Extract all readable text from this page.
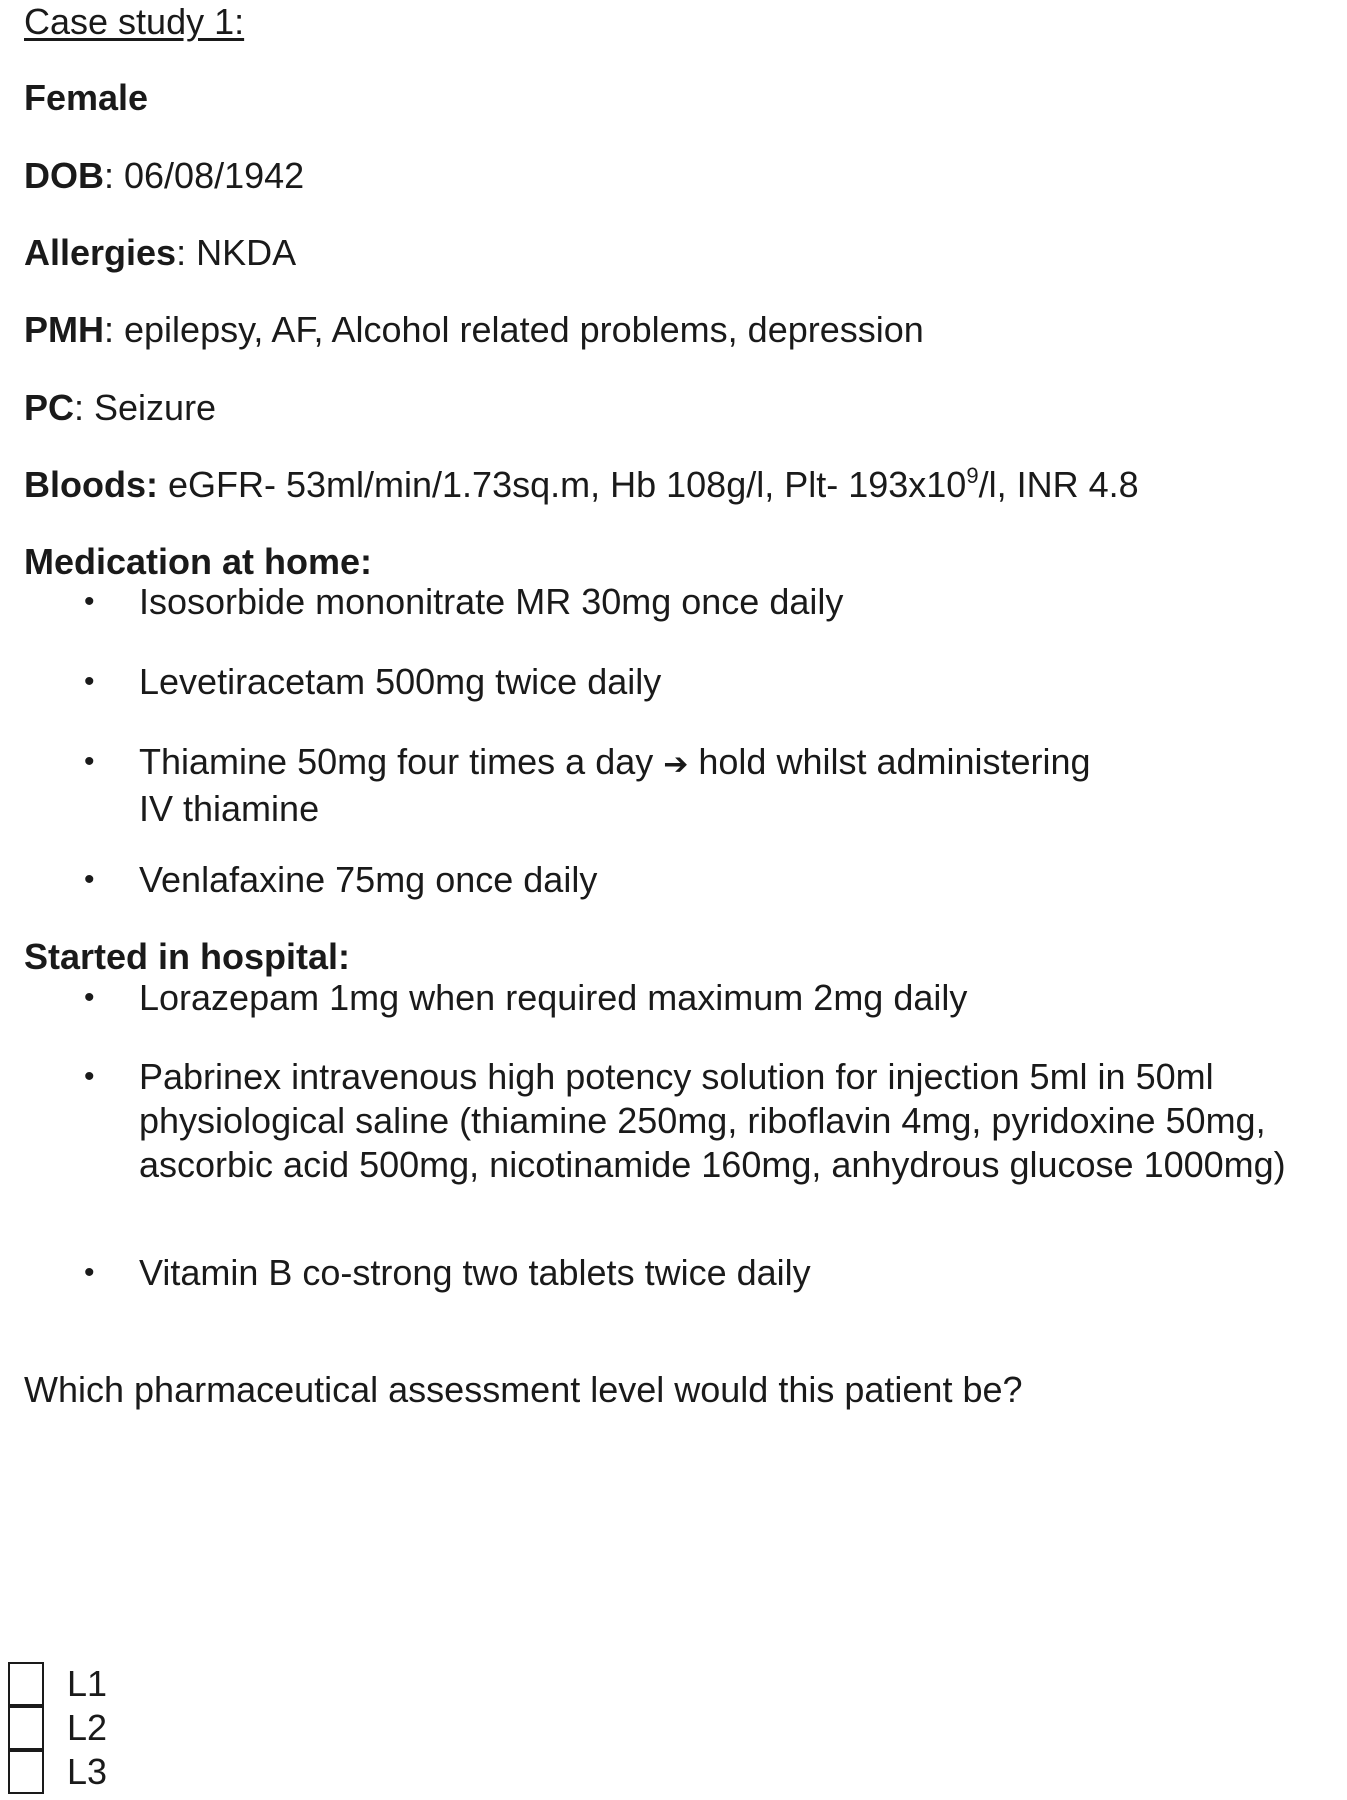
Case study 1:
Female
DOB: 06/08/1942
Allergies: NKDA
PMH: epilepsy, AF, Alcohol related problems, depression
PC: Seizure
Bloods: eGFR- 53ml/min/1.73sq.m, Hb 108g/l, Plt- $193x10^9/l$, INR 4.8
Medication at home:
• Isosorbide mononitrate MR 30mg once daily
• Levetiracetam 500mg twice daily
• Thiamine 50mg four times a day ➔ hold whilst administering IV thiamine
• Venlafaxine 75mg once daily
Started in hospital:
• Lorazepam 1mg when required maximum 2mg daily
• Pabrinex intravenous high potency solution for injection 5ml in 50ml physiological saline (thiamine 250mg, riboflavin 4mg, pyridoxine 50mg, ascorbic acid 500mg, nicotinamide 160mg, anhydrous glucose 1000mg)
• Vitamin B co-strong two tablets twice daily
Which pharmaceutical assessment level would this patient be?
L1
L2
L3
